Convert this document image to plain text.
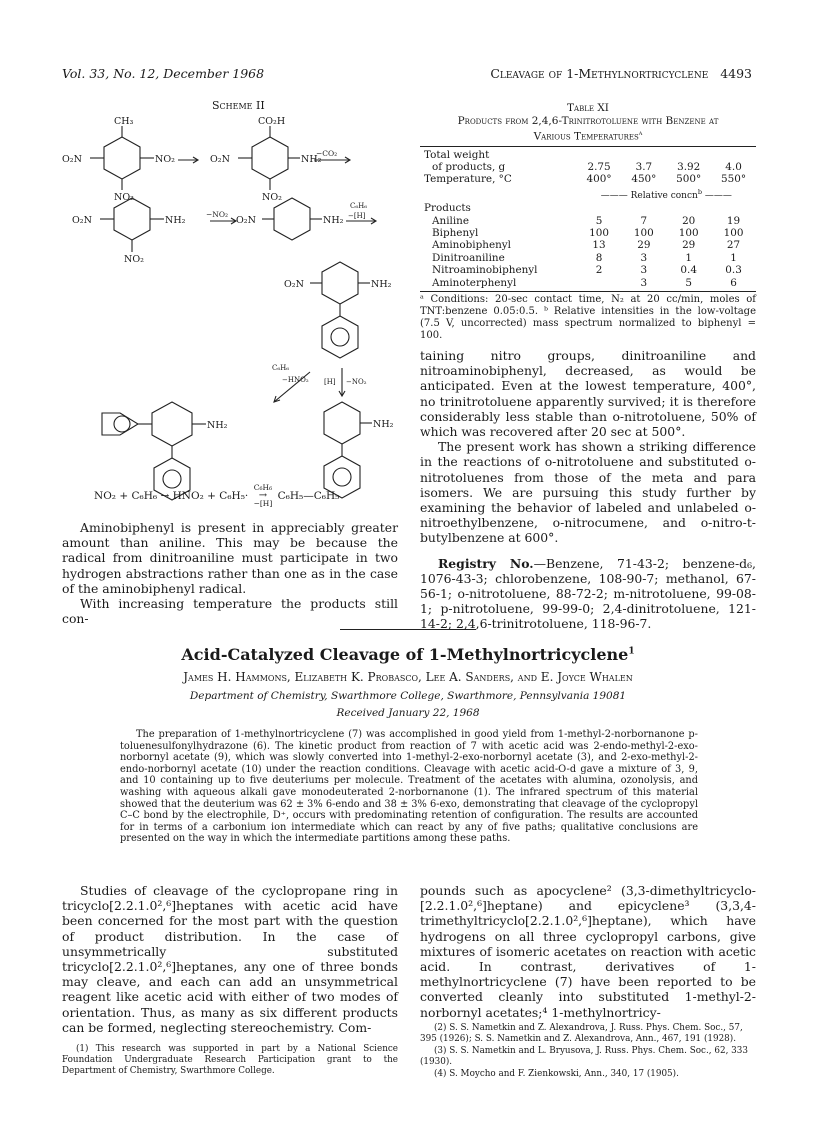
Vol. 33, No. 12, December 1968	Cleavage of 1-Methylnortricyclene 4493
Scheme II
CH₃
O₂N	NO₂
NO₂
CO₂H
O₂N	NH₂
NO₂
−CO₂
O₂N	NH₂
NO₂
−NO₂
O₂N	NH₂
C₆H₆
−[H]
O₂N	NH₂
C₆H₆
−HNO₂ [H] −NO₂
NH₂	NH₂
NO₂ + C₆H₆ → HNO₂ + C₆H₅· C₆H₆
→
−[H] C₆H₅—C₆H₅

Aminobiphenyl is present in appreciably greater amount than aniline. This may be because the radical from dinitroaniline must participate in two hydrogen abstractions rather than one as in the case of the aminobiphenyl radical.

With increasing temperature the products still con-

Table XI
Products from 2,4,6-Trinitrotoluene with Benzene at Various Temperatures$^a$
Total weight				
of products, g	2.75	3.7	3.92	4.0
Temperature, °C	400°	450°	500°	550°
	——— Relative concn$^b$ ———			
Products				
Aniline	5	7	20	19
Biphenyl	100	100	100	100
Aminobiphenyl	13	29	29	27
Dinitroaniline	8	3	1	1
Nitroaminobiphenyl	2	3	0.4	0.3
Aminoterphenyl		3	5	6
ᵃ Conditions: 20-sec contact time, N₂ at 20 cc/min, moles of TNT:benzene 0.05:0.5. ᵇ Relative intensities in the low-voltage (7.5 V, uncorrected) mass spectrum normalized to biphenyl = 100.

taining nitro groups, dinitroaniline and nitroaminobiphenyl, decreased, as would be anticipated. Even at the lowest temperature, 400°, no trinitrotoluene apparently survived; it is therefore considerably less stable than o-nitrotoluene, 50% of which was recovered after 20 sec at 500°.

The present work has shown a striking difference in the reactions of o-nitrotoluene and substituted o-nitrotoluenes from those of the meta and para isomers. We are pursuing this study further by examining the behavior of labeled and unlabeled o-nitroethylbenzene, o-nitrocumene, and o-nitro-t-butylbenzene at 600°.

Registry No.—Benzene, 71-43-2; benzene-d₆, 1076-43-3; chlorobenzene, 108-90-7; methanol, 67-56-1; o-nitrotoluene, 88-72-2; m-nitrotoluene, 99-08-1; p-nitrotoluene, 99-99-0; 2,4-dinitrotoluene, 121-14-2; 2,4,6-trinitrotoluene, 118-96-7.

Acid-Catalyzed Cleavage of 1-Methylnortricyclene$^1$
James H. Hammons, Elizabeth K. Probasco, Lee A. Sanders, and E. Joyce Whalen
Department of Chemistry, Swarthmore College, Swarthmore, Pennsylvania 19081
Received January 22, 1968
The preparation of 1-methylnortricyclene (7) was accomplished in good yield from 1-methyl-2-norbornanone p-toluenesulfonylhydrazone (6). The kinetic product from reaction of 7 with acetic acid was 2-endo-methyl-2-exo-norbornyl acetate (9), which was slowly converted into 1-methyl-2-exo-norbornyl acetate (3), and 2-exo-methyl-2-endo-norbornyl acetate (10) under the reaction conditions. Cleavage with acetic acid-O-d gave a mixture of 3, 9, and 10 containing up to five deuteriums per molecule. Treatment of the acetates with alumina, ozonolysis, and washing with aqueous alkali gave monodeuterated 2-norbornanone (1). The infrared spectrum of this material showed that the deuterium was 62 ± 3% 6-endo and 38 ± 3% 6-exo, demonstrating that cleavage of the cyclopropyl C–C bond by the electrophile, D⁺, occurs with predominating retention of configuration. The results are accounted for in terms of a carbonium ion intermediate which can react by any of five paths; qualitative conclusions are presented on the way in which the intermediate partitions among these paths.

Studies of cleavage of the cyclopropane ring in tricyclo[2.2.1.0²,⁶]heptanes with acetic acid have been concerned for the most part with the question of product distribution. In the case of unsymmetrically substituted tricyclo[2.2.1.0²,⁶]heptanes, any one of three bonds may cleave, and each can add an unsymmetrical reagent like acetic acid with either of two modes of orientation. Thus, as many as six different products can be formed, neglecting stereochemistry. Com-

pounds such as apocyclene² (3,3-dimethyltricyclo-[2.2.1.0²,⁶]heptane) and epicyclene³ (3,3,4-trimethyltricyclo[2.2.1.0²,⁶]heptane), which have hydrogens on all three cyclopropyl carbons, give mixtures of isomeric acetates on reaction with acetic acid. In contrast, derivatives of 1-methylnortricyclene (7) have been reported to be converted cleanly into substituted 1-methyl-2-norbornyl acetates;⁴ 1-methylnortricy-

(1) This research was supported in part by a National Science Foundation Undergraduate Research Participation grant to the Department of Chemistry, Swarthmore College.

(2) S. S. Nametkin and Z. Alexandrova, J. Russ. Phys. Chem. Soc., 57, 395 (1926); S. S. Nametkin and Z. Alexandrova, Ann., 467, 191 (1928).

(3) S. S. Nametkin and L. Bryusova, J. Russ. Phys. Chem. Soc., 62, 333 (1930).

(4) S. Moycho and F. Zienkowski, Ann., 340, 17 (1905).
